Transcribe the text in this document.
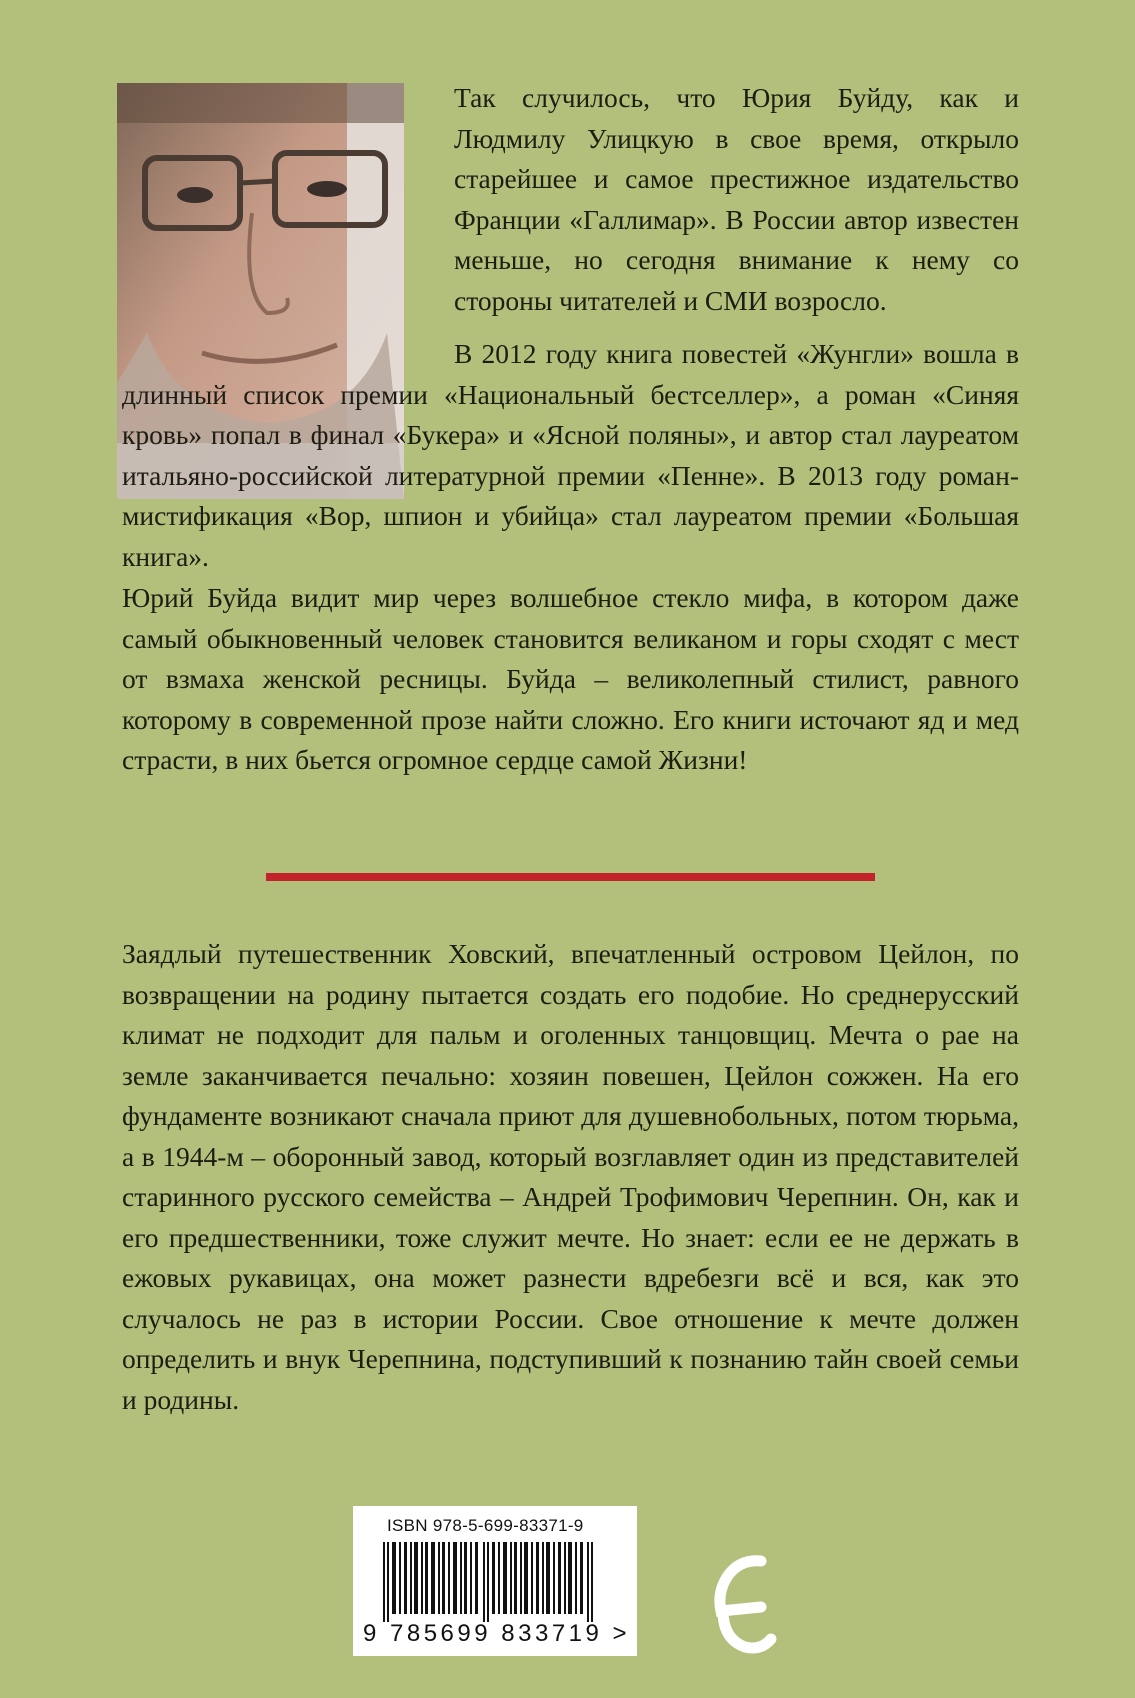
Так случилось, что Юрия Буйду, как и Людмилу Улицкую в свое время, открыло старейшее и самое престижное издательство Франции «Галлимар». В России автор известен меньше, но сегодня внимание к нему со стороны читателей и СМИ возросло.

В 2012 году книга повестей «Жунгли» вошла в длинный список премии «Национальный бестселлер», а роман «Синяя кровь» попал в финал «Букера» и «Ясной поляны», и автор стал лауреатом итальяно-российской литературной премии «Пенне». В 2013 году роман-мистификация «Вор, шпион и убийца» стал лауреатом премии «Большая книга».

Юрий Буйда видит мир через волшебное стекло мифа, в котором даже самый обыкновенный человек становится великаном и горы сходят с мест от взмаха женской ресницы. Буйда – великолепный стилист, равного которому в современной прозе найти сложно. Его книги источают яд и мед страсти, в них бьется огромное сердце самой Жизни!

Заядлый путешественник Ховский, впечатленный островом Цейлон, по возвращении на родину пытается создать его подобие. Но среднерусский климат не подходит для пальм и оголенных танцовщиц. Мечта о рае на земле заканчивается печально: хозяин повешен, Цейлон сожжен. На его фундаменте возникают сначала приют для душевнобольных, потом тюрьма, а в 1944-м – оборонный завод, который возглавляет один из представителей старинного русского семейства – Андрей Трофимович Черепнин. Он, как и его предшественники, тоже служит мечте. Но знает: если ее не держать в ежовых рукавицах, она может разнести вдребезги всё и вся, как это случалось не раз в истории России. Свое отношение к мечте должен определить и внук Черепнина, подступивший к познанию тайн своей семьи и родины.

ISBN 978-5-699-83371-9
9 785699 833719 >
